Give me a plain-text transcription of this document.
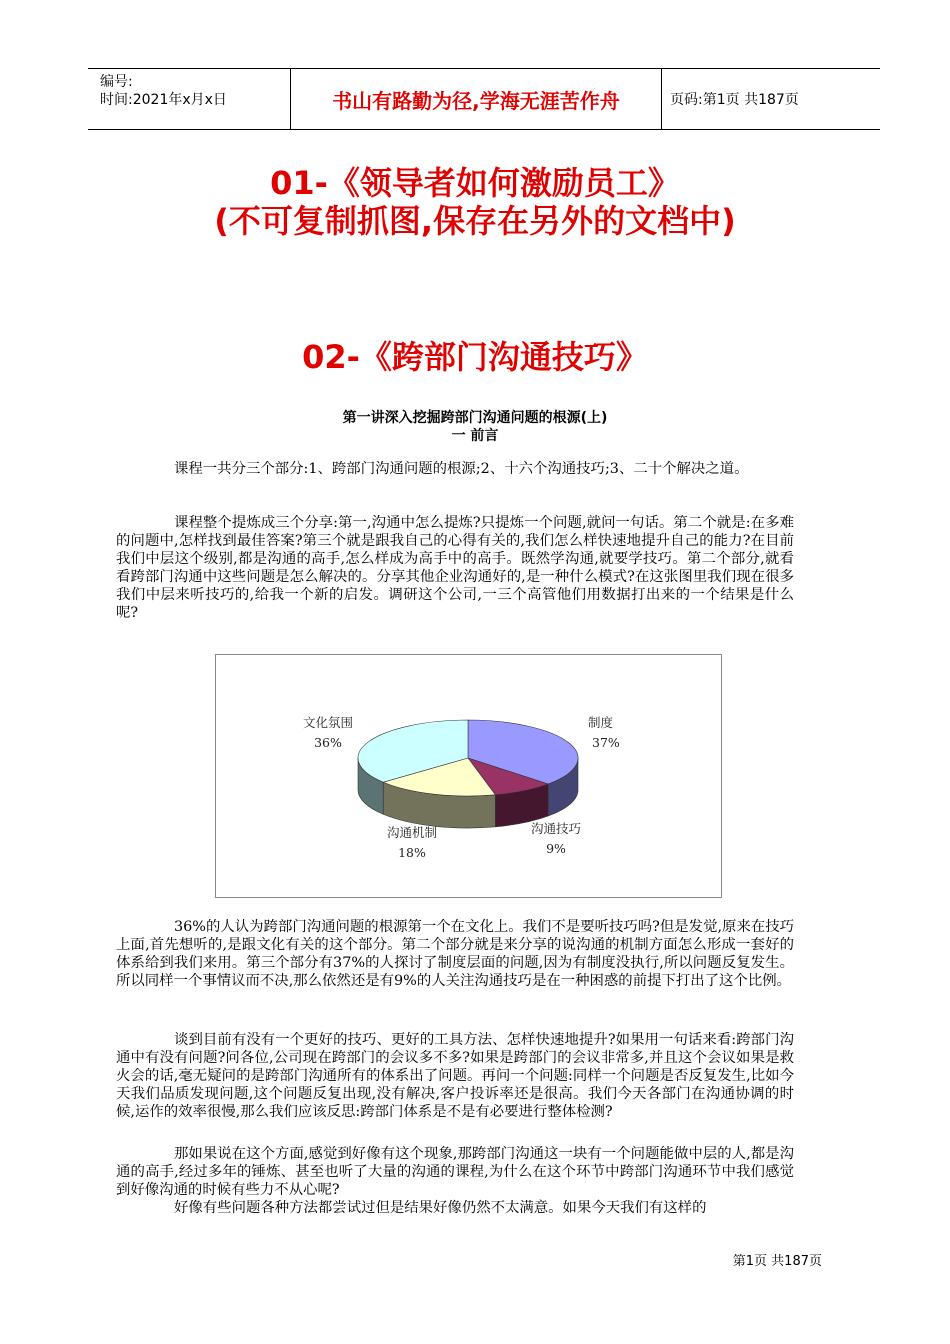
编号:
时间:2021年x月x日	书山有路勤为径,学海无涯苦作舟	页码:第1页 共187页
01-《领导者如何激励员工》
(不可复制抓图,保存在另外的文档中)
02-《跨部门沟通技巧》
第一讲深入挖掘跨部门沟通问题的根源(上)
一 前言
课程一共分三个部分:1、跨部门沟通问题的根源;2、十六个沟通技巧;3、二十个解决之道。
课程整个提炼成三个分享:第一,沟通中怎么提炼?只提炼一个问题,就问一句话。第二个就是:在多难的问题中,怎样找到最佳答案?第三个就是跟我自己的心得有关的,我们怎么样快速地提升自己的能力?在目前我们中层这个级别,都是沟通的高手,怎么样成为高手中的高手。既然学沟通,就要学技巧。第二个部分,就看看跨部门沟通中这些问题是怎么解决的。分享其他企业沟通好的,是一种什么模式?在这张图里我们现在很多我们中层来听技巧的,给我一个新的启发。调研这个公司,一三个高管他们用数据打出来的一个结果是什么呢?
制度
37%
沟通技巧
9%
沟通机制
18%
文化氛围
36%
36%的人认为跨部门沟通问题的根源第一个在文化上。我们不是要听技巧吗?但是发觉,原来在技巧上面,首先想听的,是跟文化有关的这个部分。第二个部分就是来分享的说沟通的机制方面怎么形成一套好的体系给到我们来用。第三个部分有37%的人探讨了制度层面的问题,因为有制度没执行,所以问题反复发生。所以同样一个事情议而不决,那么依然还是有9%的人关注沟通技巧是在一种困惑的前提下打出了这个比例。
谈到目前有没有一个更好的技巧、更好的工具方法、怎样快速地提升?如果用一句话来看:跨部门沟通中有没有问题?问各位,公司现在跨部门的会议多不多?如果是跨部门的会议非常多,并且这个会议如果是救火会的话,毫无疑问的是跨部门沟通所有的体系出了问题。再问一个问题:同样一个问题是否反复发生,比如今天我们品质发现问题,这个问题反复出现,没有解决,客户投诉率还是很高。我们今天各部门在沟通协调的时候,运作的效率很慢,那么我们应该反思:跨部门体系是不是有必要进行整体检测?
那如果说在这个方面,感觉到好像有这个现象,那跨部门沟通这一块有一个问题能做中层的人,都是沟通的高手,经过多年的锤炼、甚至也听了大量的沟通的课程,为什么在这个环节中跨部门沟通环节中我们感觉到好像沟通的时候有些力不从心呢?
好像有些问题各种方法都尝试过但是结果好像仍然不太满意。如果今天我们有这样的
第1页 共187页
